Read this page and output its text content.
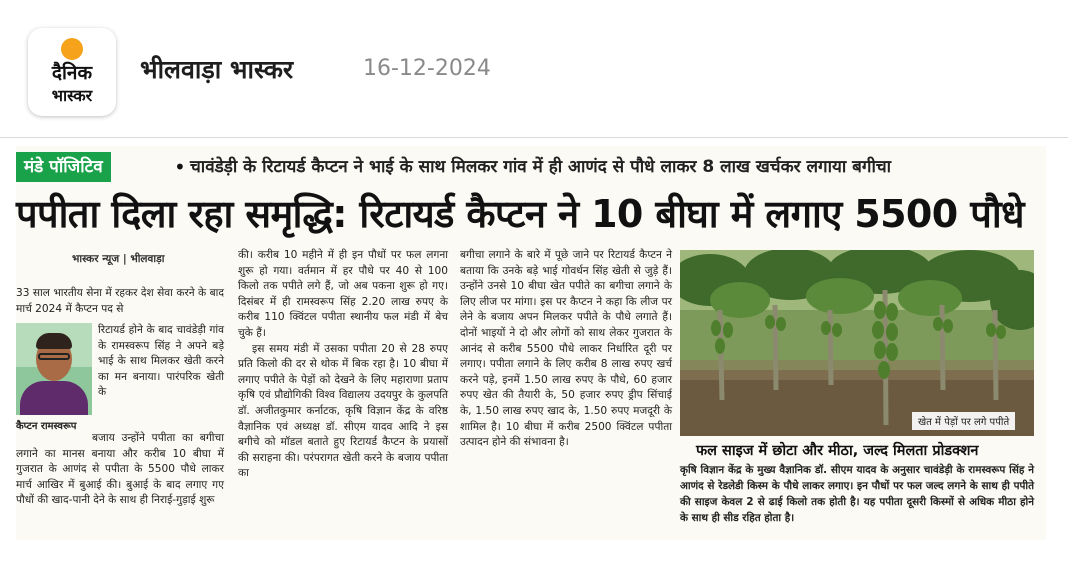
दैनिक
भास्कर
भीलवाड़ा भास्कर	16-12-2024
मंडे पॉजिटिव	• चावंडेड़ी के रिटायर्ड कैप्टन ने भाई के साथ मिलकर गांव में ही आणंद से पौधे लाकर 8 लाख खर्चकर लगाया बगीचा
पपीता दिला रहा समृद्धि: रिटायर्ड कैप्टन ने 10 बीघा में लगाए 5500 पौधे
भास्कर न्यूज | भीलवाड़ा

33 साल भारतीय सेना में रहकर देश सेवा करने के बाद मार्च 2024 में कैप्टन पद से

रिटायर्ड होने के बाद चावंडेड़ी गांव के रामस्वरूप सिंह ने अपने बड़े भाई के साथ मिलकर खेती करने का मन बनाया। पारंपरिक खेती के

कैप्टन रामस्वरूप

बजाय उन्होंने पपीता का बगीचा लगाने का मानस बनाया और करीब 10 बीघा में गुजरात के आणंद से पपीता के 5500 पौधे लाकर मार्च आखिर में बुआई की। बुआई के बाद लगाए गए पौधों की खाद-पानी देने के साथ ही निराई-गुड़ाई शुरू

की। करीब 10 महीने में ही इन पौधों पर फल लगना शुरू हो गया। वर्तमान में हर पौधे पर 40 से 100 किलो तक पपीते लगे हैं, जो अब पकना शुरू हो गए। दिसंबर में ही रामस्वरूप सिंह 2.20 लाख रुपए के करीब 110 क्विंटल पपीता स्थानीय फल मंडी में बेच चुके हैं।

इस समय मंडी में उसका पपीता 20 से 28 रुपए प्रति किलो की दर से थोक में बिक रहा है। 10 बीघा में लगाए पपीते के पेड़ों को देखने के लिए महाराणा प्रताप कृषि एवं प्रौद्योगिकी विश्व विद्यालय उदयपुर के कुलपति डॉ. अजीतकुमार कर्नाटक, कृषि विज्ञान केंद्र के वरिष्ठ वैज्ञानिक एवं अध्यक्ष डॉ. सीएम यादव आदि ने इस बगीचे को मॉडल बताते हुए रिटायर्ड कैप्टन के प्रयासों की सराहना की। परंपरागत खेती करने के बजाय पपीता का

बगीचा लगाने के बारे में पूछे जाने पर रिटायर्ड कैप्टन ने बताया कि उनके बड़े भाई गोवर्धन सिंह खेती से जुड़े हैं। उन्होंने उनसे 10 बीघा खेत पपीते का बगीचा लगाने के लिए लीज पर मांगा। इस पर कैप्टन ने कहा कि लीज पर लेने के बजाय अपन मिलकर पपीते के पौधे लगाते हैं। दोनों भाइयों ने दो और लोगों को साथ लेकर गुजरात के आनंद से करीब 5500 पौधे लाकर निर्धारित दूरी पर लगाए। पपीता लगाने के लिए करीब 8 लाख रुपए खर्च करने पड़े, इनमें 1.50 लाख रुपए के पौधे, 60 हजार रुपए खेत की तैयारी के, 50 हजार रुपए ड्रीप सिंचाई के, 1.50 लाख रुपए खाद के, 1.50 रुपए मजदूरी के शामिल है। 10 बीघा में करीब 2500 क्विंटल पपीता उत्पादन होने की संभावना है।

खेत में पेड़ों पर लगे पपीते
फल साइज में छोटा और मीठा, जल्द मिलता प्रोडक्शन

कृषि विज्ञान केंद्र के मुख्य वैज्ञानिक डॉ. सीएम यादव के अनुसार चावंडेड़ी के रामस्वरूप सिंह ने आणंद से रेडलेडी किस्म के पौधे लाकर लगाए। इन पौधों पर फल जल्द लगने के साथ ही पपीते की साइज केवल 2 से ढाई किलो तक होती है। यह पपीता दूसरी किस्मों से अधिक मीठा होने के साथ ही सीड रहित होता है।
